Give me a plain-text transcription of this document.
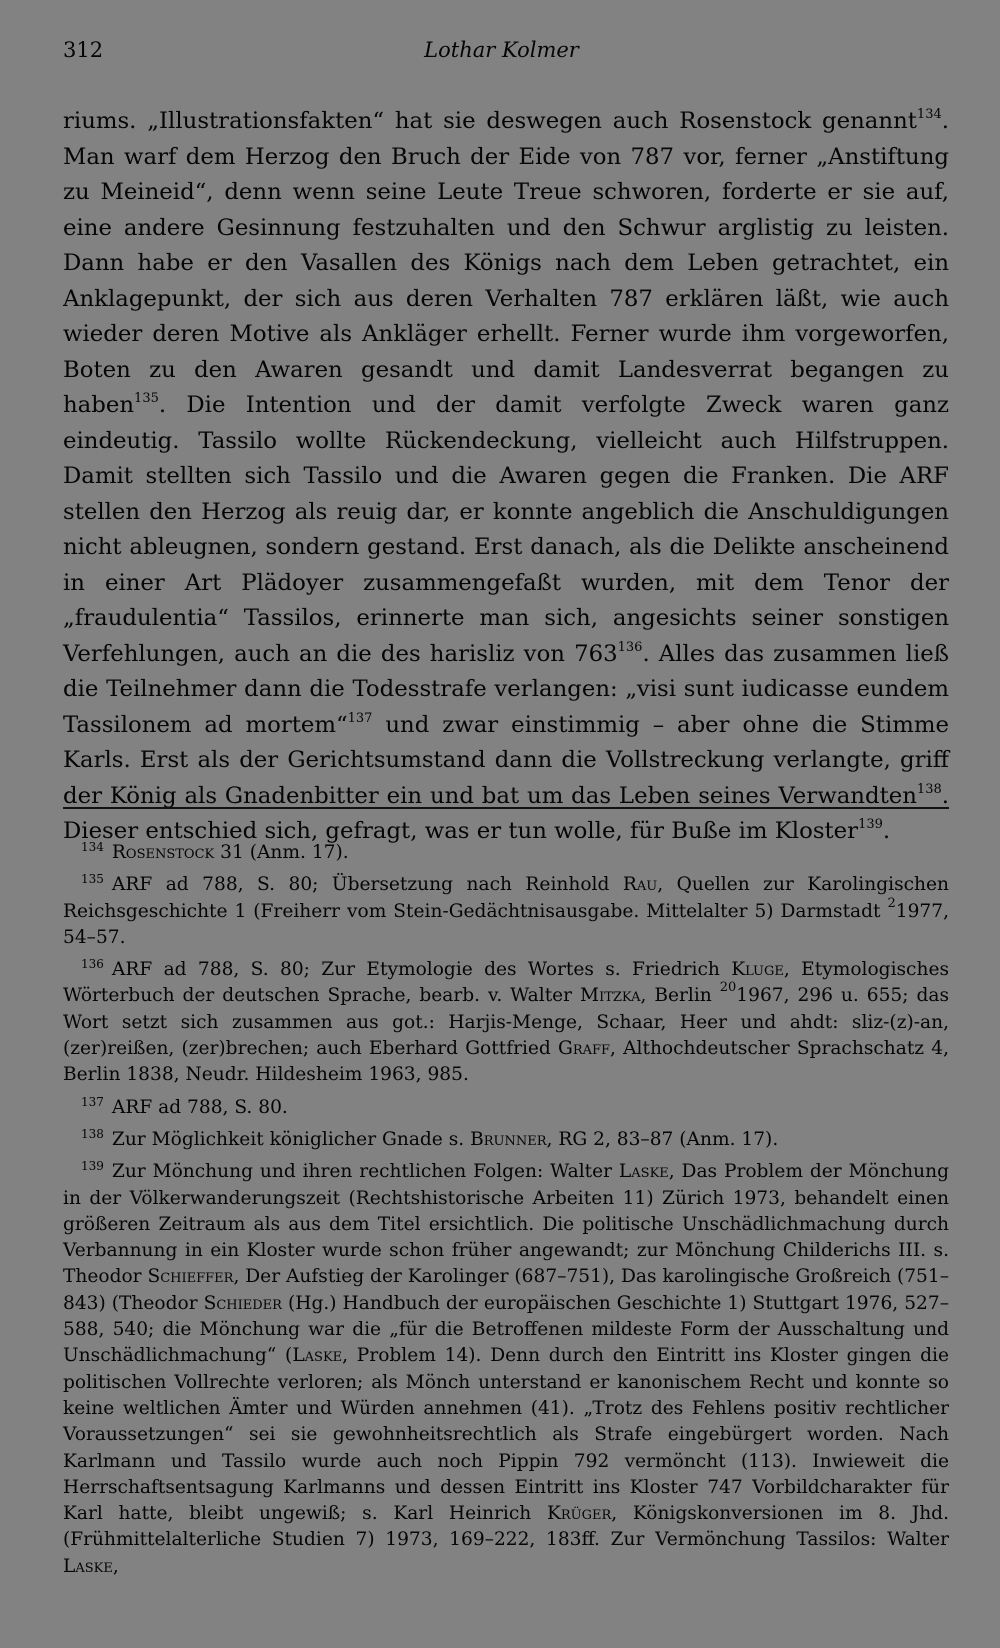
312	Lothar Kolmer

riums. „Illustrationsfakten“ hat sie deswegen auch Rosenstock genannt$^{134}$. Man warf dem Herzog den Bruch der Eide von 787 vor, ferner „Anstiftung zu Meineid“, denn wenn seine Leute Treue schworen, forderte er sie auf, eine andere Gesinnung festzuhalten und den Schwur arglistig zu leisten. Dann habe er den Vasallen des Königs nach dem Leben getrachtet, ein Anklagepunkt, der sich aus deren Verhalten 787 erklären läßt, wie auch wieder deren Motive als Ankläger erhellt. Ferner wurde ihm vorgeworfen, Boten zu den Awaren gesandt und damit Landesverrat begangen zu haben$^{135}$. Die Intention und der damit verfolgte Zweck waren ganz eindeutig. Tassilo wollte Rückendeckung, vielleicht auch Hilfstruppen. Damit stellten sich Tassilo und die Awaren gegen die Franken. Die ARF stellen den Herzog als reuig dar, er konnte angeblich die Anschuldigungen nicht ableugnen, sondern gestand. Erst danach, als die Delikte anscheinend in einer Art Plädoyer zusammengefaßt wurden, mit dem Tenor der „fraudulentia“ Tassilos, erinnerte man sich, angesichts seiner sonstigen Verfehlungen, auch an die des harisliz von $763^{136}$. Alles das zusammen ließ die Teilnehmer dann die Todesstrafe verlangen: „visi sunt iudicasse eundem Tassilonem ad mortem“$^{137}$ und zwar einstimmig – aber ohne die Stimme Karls. Erst als der Gerichtsumstand dann die Vollstreckung verlangte, griff der König als Gnadenbitter ein und bat um das Leben seines Verwandten$^{138}$. Dieser entschied sich, gefragt, was er tun wolle, für Buße im Kloster$^{139}$.

$^{134}$ Rosenstock 31 (Anm. 17).

$^{135}$ ARF ad 788, S. 80; Übersetzung nach Reinhold Rau, Quellen zur Karolingischen Reichsgeschichte 1 (Freiherr vom Stein-Gedächtnisausgabe. Mittelalter 5) Darmstadt $^2$1977, 54–57.

$^{136}$ ARF ad 788, S. 80; Zur Etymologie des Wortes s. Friedrich Kluge, Etymologisches Wörterbuch der deutschen Sprache, bearb. v. Walter Mitzka, Berlin $^{20}$1967, 296 u. 655; das Wort setzt sich zusammen aus got.: Harjis-Menge, Schaar, Heer und ahdt: sliz-(z)-an, (zer)reißen, (zer)brechen; auch Eberhard Gottfried Graff, Althochdeutscher Sprachschatz 4, Berlin 1838, Neudr. Hildesheim 1963, 985.

$^{137}$ ARF ad 788, S. 80.

$^{138}$ Zur Möglichkeit königlicher Gnade s. Brunner, RG 2, 83–87 (Anm. 17).

$^{139}$ Zur Mönchung und ihren rechtlichen Folgen: Walter Laske, Das Problem der Mönchung in der Völkerwanderungszeit (Rechtshistorische Arbeiten 11) Zürich 1973, behandelt einen größeren Zeitraum als aus dem Titel ersichtlich. Die politische Unschädlichmachung durch Verbannung in ein Kloster wurde schon früher angewandt; zur Mönchung Childerichs III. s. Theodor Schieffer, Der Aufstieg der Karolinger (687–751), Das karolingische Großreich (751–843) (Theodor Schieder (Hg.) Handbuch der europäischen Geschichte 1) Stuttgart 1976, 527–588, 540; die Mönchung war die „für die Betroffenen mildeste Form der Ausschaltung und Unschädlichmachung“ (Laske, Problem 14). Denn durch den Eintritt ins Kloster gingen die politischen Vollrechte verloren; als Mönch unterstand er kanonischem Recht und konnte so keine weltlichen Ämter und Würden annehmen (41). „Trotz des Fehlens positiv rechtlicher Voraussetzungen“ sei sie gewohnheitsrechtlich als Strafe eingebürgert worden. Nach Karlmann und Tassilo wurde auch noch Pippin 792 vermöncht (113). Inwieweit die Herrschaftsentsagung Karlmanns und dessen Eintritt ins Kloster 747 Vorbildcharakter für Karl hatte, bleibt ungewiß; s. Karl Heinrich Krüger, Königskonversionen im 8. Jhd. (Frühmittelalterliche Studien 7) 1973, 169–222, 183ff. Zur Vermönchung Tassilos: Walter Laske,
